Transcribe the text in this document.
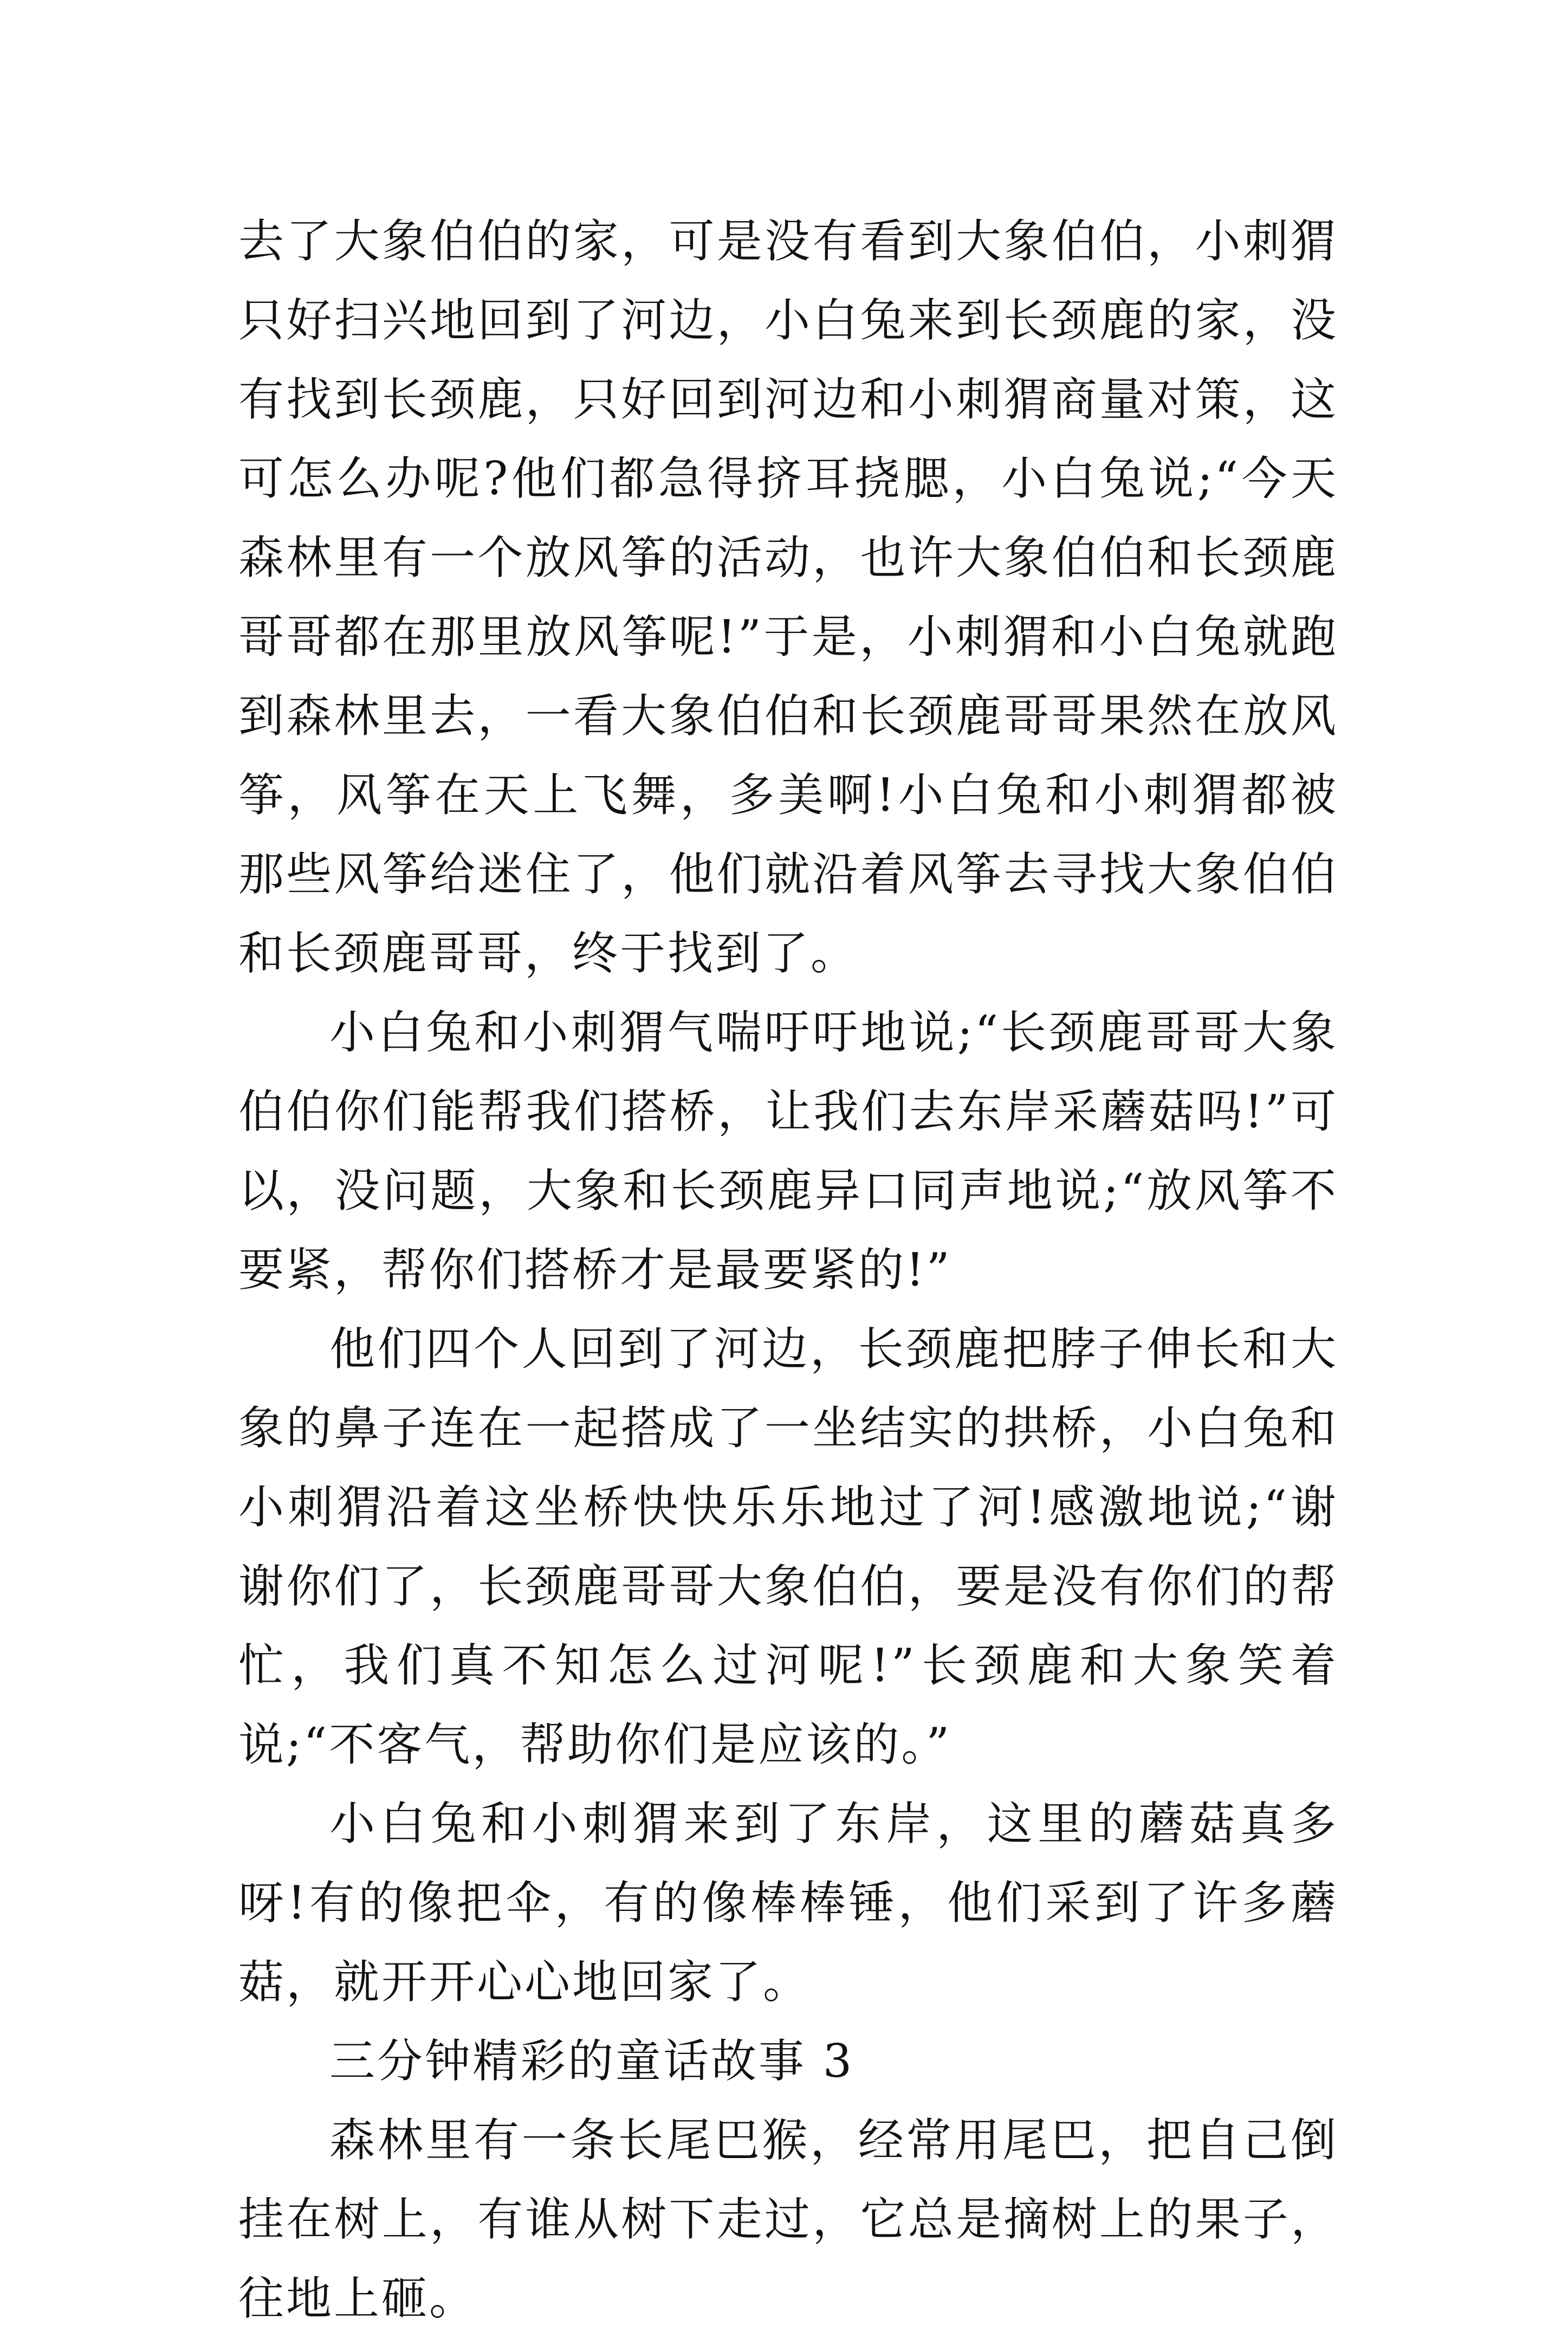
去了大象伯伯的家，可是没有看到大象伯伯，小刺猬只好扫兴地回到了河边，小白兔来到长颈鹿的家，没有找到长颈鹿，只好回到河边和小刺猬商量对策，这可怎么办呢?他们都急得挤耳挠腮，小白兔说;“今天森林里有一个放风筝的活动，也许大象伯伯和长颈鹿哥哥都在那里放风筝呢!”于是，小刺猬和小白兔就跑到森林里去，一看大象伯伯和长颈鹿哥哥果然在放风筝，风筝在天上飞舞，多美啊!小白兔和小刺猬都被那些风筝给迷住了，他们就沿着风筝去寻找大象伯伯和长颈鹿哥哥，终于找到了。

小白兔和小刺猬气喘吁吁地说;“长颈鹿哥哥大象伯伯你们能帮我们搭桥，让我们去东岸采蘑菇吗!”可以，没问题，大象和长颈鹿异口同声地说;“放风筝不要紧，帮你们搭桥才是最要紧的!”

他们四个人回到了河边，长颈鹿把脖子伸长和大象的鼻子连在一起搭成了一坐结实的拱桥，小白兔和小刺猬沿着这坐桥快快乐乐地过了河!感激地说;“谢谢你们了，长颈鹿哥哥大象伯伯，要是没有你们的帮忙，我们真不知怎么过河呢!”长颈鹿和大象笑着说;“不客气，帮助你们是应该的。”

小白兔和小刺猬来到了东岸，这里的蘑菇真多呀!有的像把伞，有的像棒棒锤，他们采到了许多蘑菇，就开开心心地回家了。

三分钟精彩的童话故事 3

森林里有一条长尾巴猴，经常用尾巴，把自己倒挂在树上，有谁从树下走过，它总是摘树上的果子，往地上砸。
